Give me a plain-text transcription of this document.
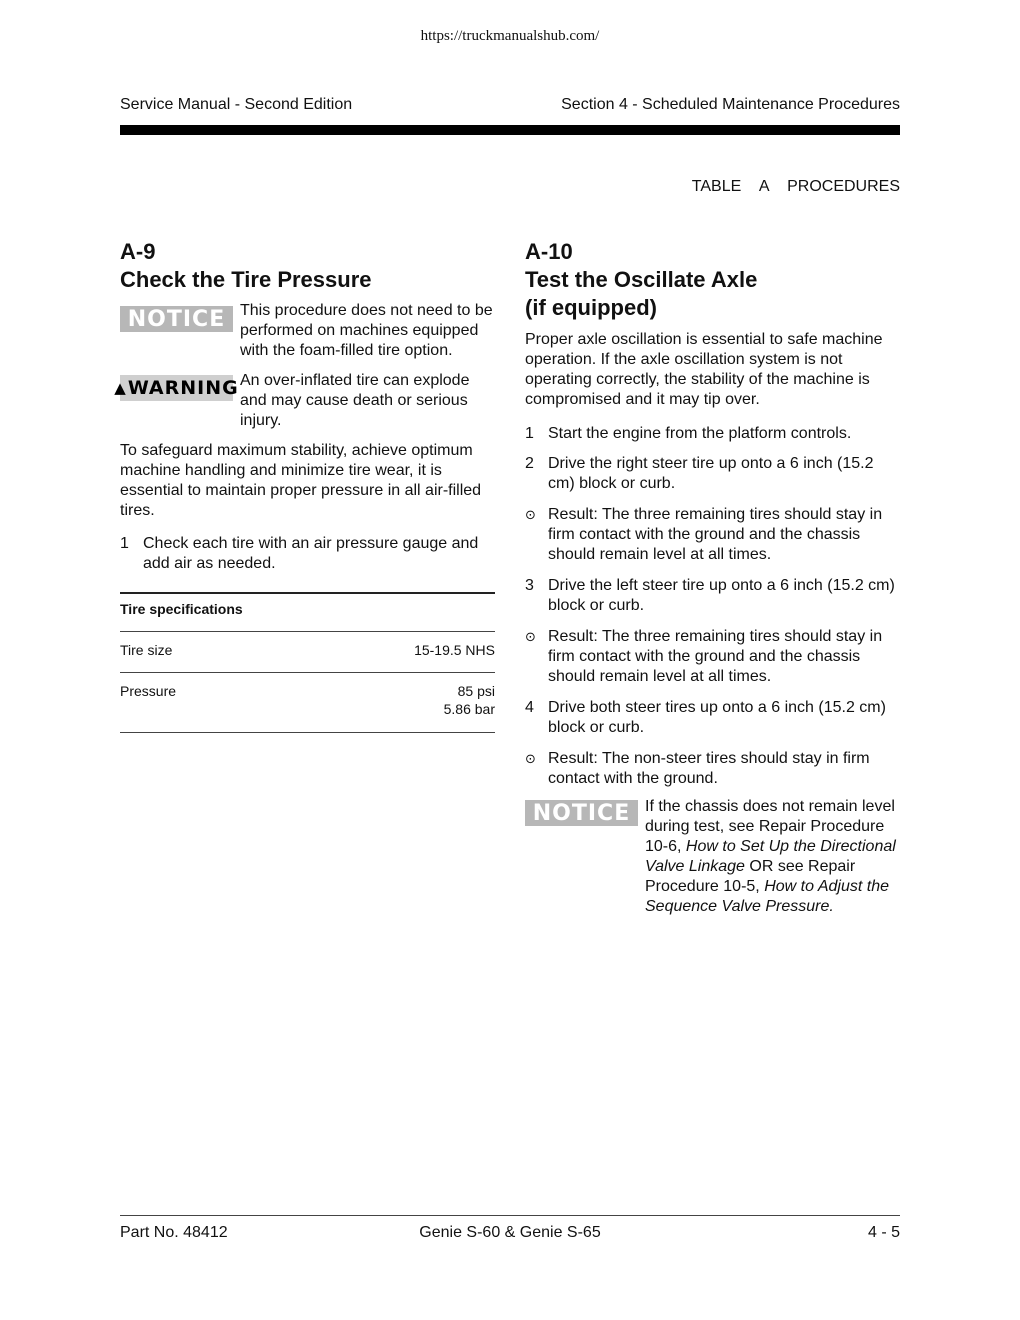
https://truckmanualshub.com/
Service Manual - Second Edition	Section 4 - Scheduled Maintenance Procedures
TABLE A PROCEDURES
A-9
Check the Tire Pressure
NOTICE This procedure does not need to be performed on machines equipped with the foam-filled tire option.
▲ WARNING An over-inflated tire can explode and may cause death or serious injury.
To safeguard maximum stability, achieve optimum machine handling and minimize tire wear, it is essential to maintain proper pressure in all air-filled tires.
1 Check each tire with an air pressure gauge and add air as needed.
Tire specifications
Tire size	15-19.5 NHS
Pressure	85 psi
5.86 bar
A-10
Test the Oscillate Axle
(if equipped)
Proper axle oscillation is essential to safe machine operation. If the axle oscillation system is not operating correctly, the stability of the machine is compromised and it may tip over.
1 Start the engine from the platform controls.
2 Drive the right steer tire up onto a 6 inch (15.2 cm) block or curb.
⊙ Result: The three remaining tires should stay in firm contact with the ground and the chassis should remain level at all times.
3 Drive the left steer tire up onto a 6 inch (15.2 cm) block or curb.
⊙ Result: The three remaining tires should stay in firm contact with the ground and the chassis should remain level at all times.
4 Drive both steer tires up onto a 6 inch (15.2 cm) block or curb.
⊙ Result: The non-steer tires should stay in firm contact with the ground.
NOTICE If the chassis does not remain level during test, see Repair Procedure 10-6, How to Set Up the Directional Valve Linkage OR see Repair Procedure 10-5, How to Adjust the Sequence Valve Pressure.
Part No. 48412	Genie S-60 & Genie S-65	4 - 5
